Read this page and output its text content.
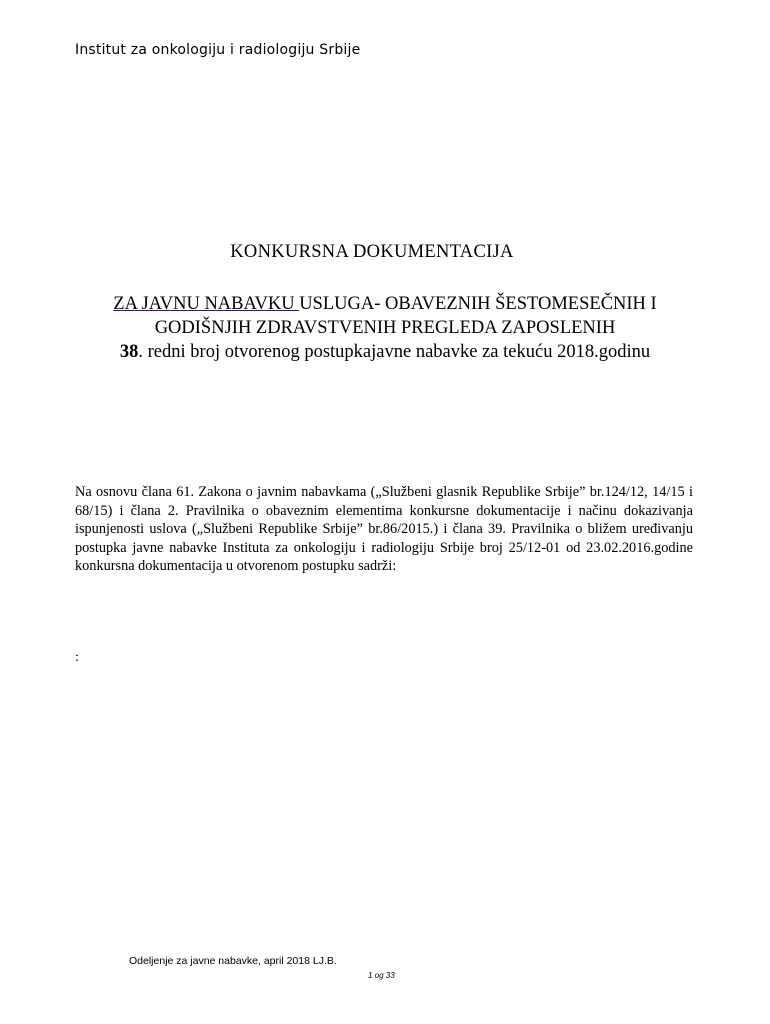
Institut za onkologiju i radiologiju Srbije
KONKURSNA DOKUMENTACIJA
ZA JAVNU NABAVKU USLUGA- OBAVEZNIH ŠESTOMESEČNIH I
GODIŠNJIH ZDRAVSTVENIH PREGLEDA ZAPOSLENIH
38. redni broj otvorenog postupkajavne nabavke za tekuću 2018.godinu
Na osnovu člana 61. Zakona o javnim nabavkama („Službeni glasnik Republike Srbije” br.124/12, 14/15 i 68/15) i člana 2. Pravilnika o obaveznim elementima konkursne dokumentacije i načinu dokazivanja ispunjenosti uslova („Službeni Republike Srbije” br.86/2015.) i člana 39. Pravilnika o bližem uređivanju postupka javne nabavke Instituta za onkologiju i radiologiju Srbije broj 25/12-01 od 23.02.2016.godine konkursna dokumentacija u otvorenom postupku sadrži:
:
Odeljenje za javne nabavke, april 2018 LJ.B.
1 og 33
